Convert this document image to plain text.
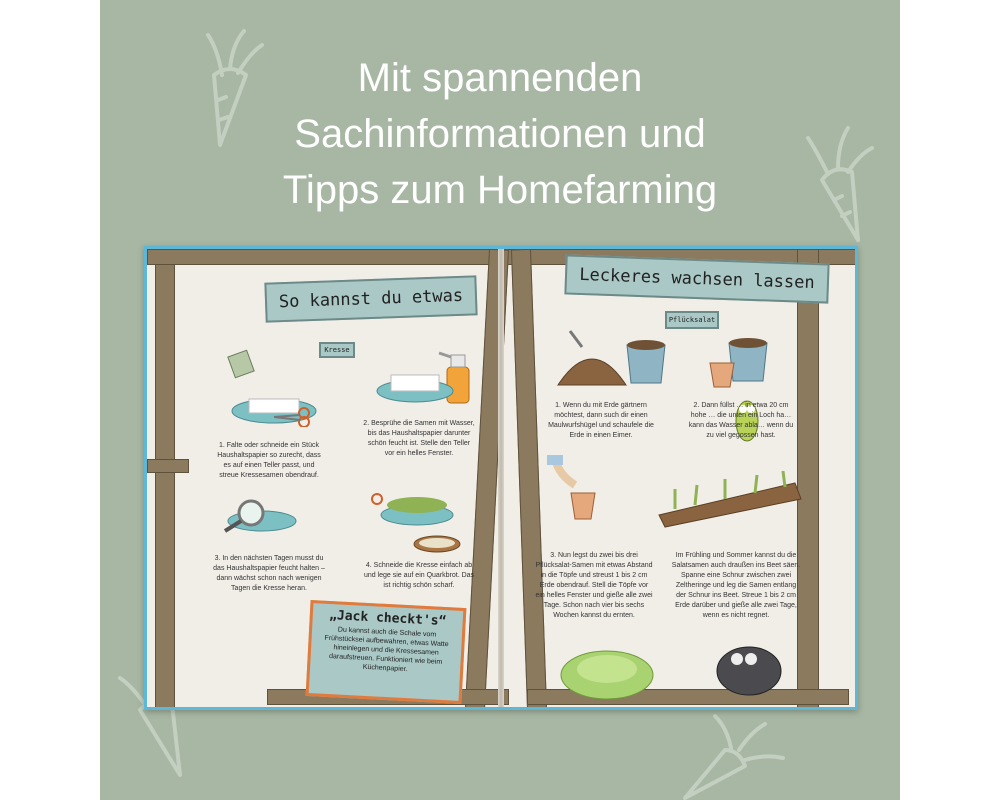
Mit spannenden
Sachinformationen und
Tipps zum Homefarming
So kannst du etwas
Leckeres wachsen lassen
Kresse
1. Falte oder schneide ein Stück Haushaltspapier so zurecht, dass es auf einen Teller passt, und streue Kressesamen obendrauf.
2. Besprühe die Samen mit Wasser, bis das Haushaltspapier darunter schön feucht ist. Stelle den Teller vor ein helles Fenster.
3. In den nächsten Tagen musst du das Haushaltspapier feucht halten – dann wächst schon nach wenigen Tagen die Kresse heran.
4. Schneide die Kresse einfach ab und lege sie auf ein Quarkbrot. Das ist richtig schön scharf.
„Jack checkt's“

Du kannst auch die Schale vom Frühstücksei aufbewahren, etwas Watte hineinlegen und die Kressesamen daraufstreuen. Funktioniert wie beim Küchenpapier.

Pflücksalat
1. Wenn du mit Erde gärtnern möchtest, dann such dir einen Maulwurfshügel und schaufele die Erde in einen Eimer.
2. Dann füllst … in etwa 20 cm hohe … die unten ein Loch ha… kann das Wasser abla… wenn du zu viel gegossen hast.
3. Nun legst du zwei bis drei Pflücksalat-Samen mit etwas Abstand in die Töpfe und streust 1 bis 2 cm Erde obendrauf. Stell die Töpfe vor ein helles Fenster und gieße alle zwei Tage. Schon nach vier bis sechs Wochen kannst du ernten.
Im Frühling und Sommer kannst du die Salatsamen auch draußen ins Beet säen. Spanne eine Schnur zwischen zwei Zeltheringe und leg die Samen entlang der Schnur ins Beet. Streue 1 bis 2 cm Erde darüber und gieße alle zwei Tage, wenn es nicht regnet.
